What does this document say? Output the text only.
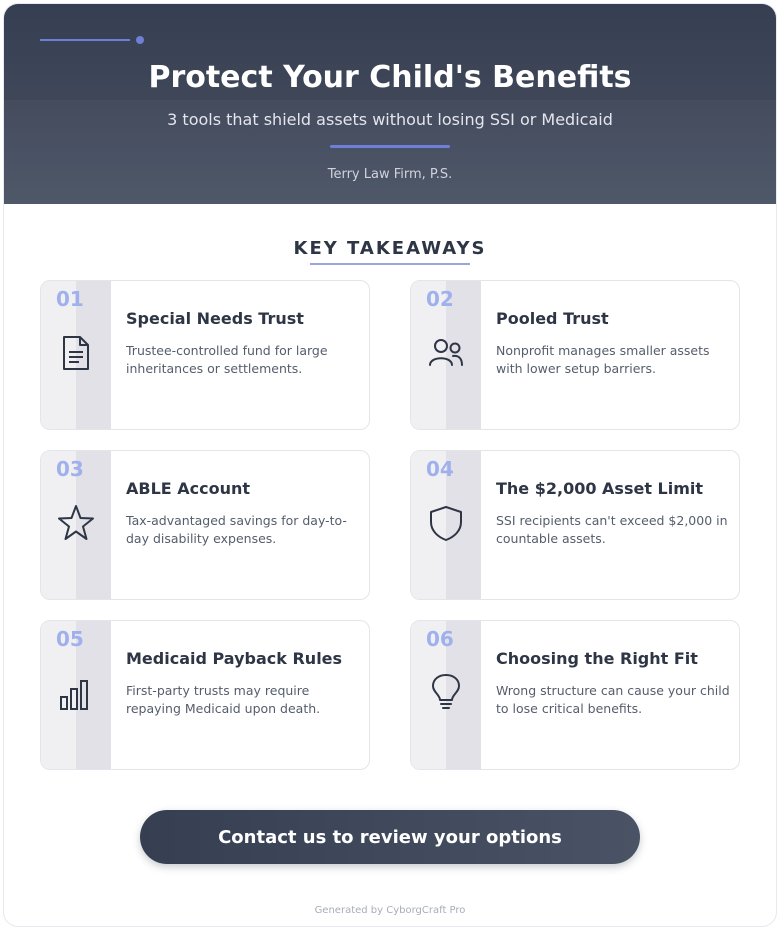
Protect Your Child's Benefits
3 tools that shield assets without losing SSI or Medicaid
Terry Law Firm, P.S.
KEY TAKEAWAYS
01
Special Needs Trust
Trustee-controlled fund for large inheritances or settlements.
02
Pooled Trust
Nonprofit manages smaller assets with lower setup barriers.
03
ABLE Account
Tax-advantaged savings for day-to-day disability expenses.
04
The $2,000 Asset Limit
SSI recipients can't exceed $2,000 in countable assets.
05
Medicaid Payback Rules
First-party trusts may require repaying Medicaid upon death.
06
Choosing the Right Fit
Wrong structure can cause your child to lose critical benefits.
Contact us to review your options
Generated by CyborgCraft Pro
